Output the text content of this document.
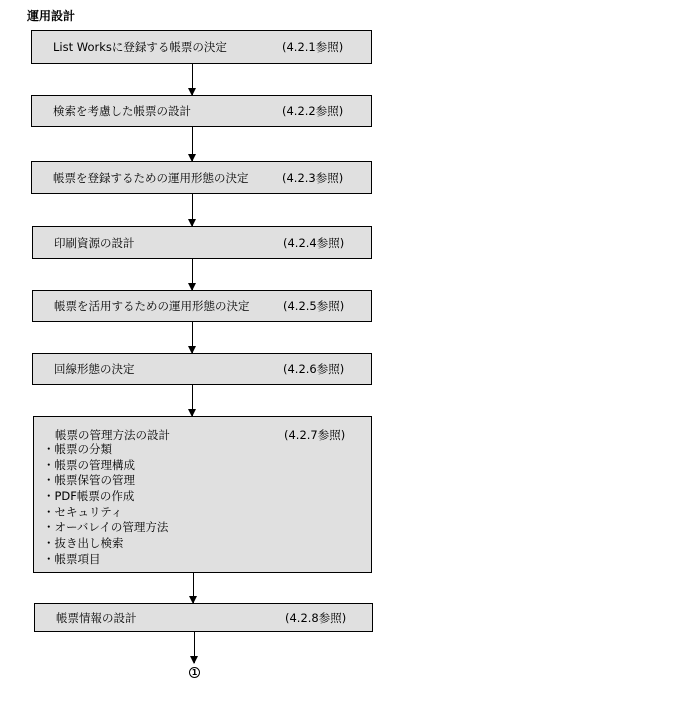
運用設計
List Worksに登録する帳票の決定	(4.2.1参照)
検索を考慮した帳票の設計	(4.2.2参照)
帳票を登録するための運用形態の決定	(4.2.3参照)
印刷資源の設計	(4.2.4参照)
帳票を活用するための運用形態の決定	(4.2.5参照)
回線形態の決定	(4.2.6参照)
帳票の管理方法の設計	(4.2.7参照)
・ 帳票の分類
・ 帳票の管理構成
・ 帳票保管の管理
・ PDF帳票の作成
・ セキュリティ
・ オーバレイの管理方法
・ 抜き出し検索
・ 帳票項目
帳票情報の設計	(4.2.8参照)
1
